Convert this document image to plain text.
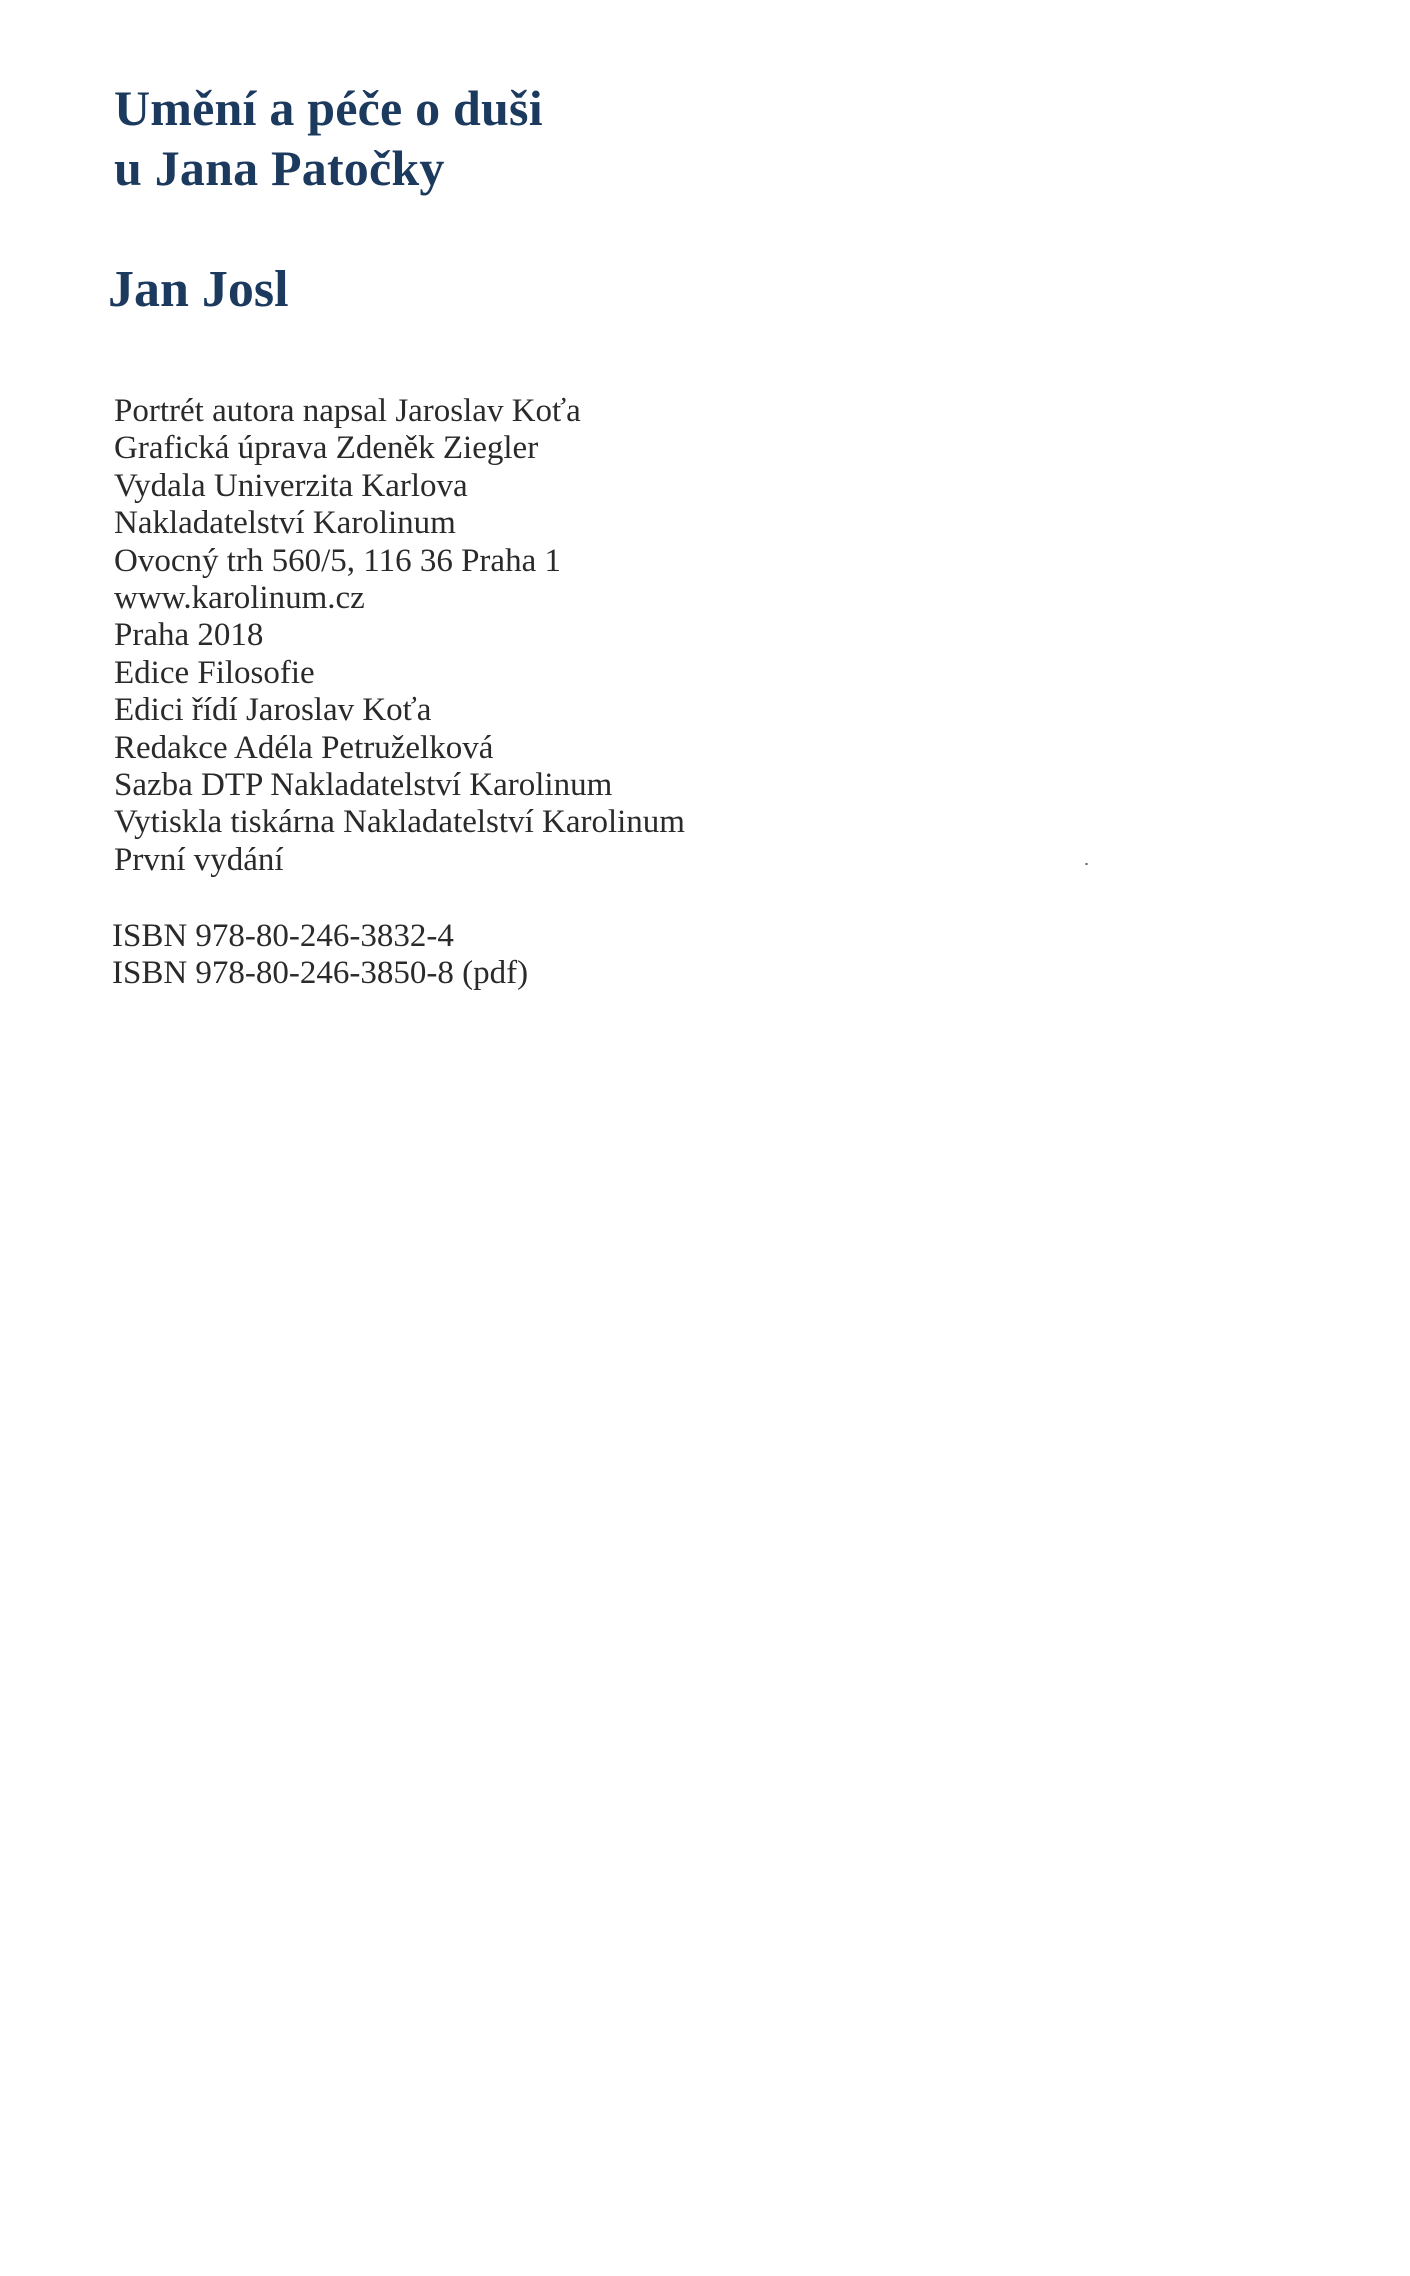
Umění a péče o duši
u Jana Patočky
Jan Josl
Portrét autora napsal Jaroslav Koťa
Grafická úprava Zdeněk Ziegler
Vydala Univerzita Karlova
Nakladatelství Karolinum
Ovocný trh 560/5, 116 36 Praha 1
www.karolinum.cz
Praha 2018
Edice Filosofie
Edici řídí Jaroslav Koťa
Redakce Adéla Petruželková
Sazba DTP Nakladatelství Karolinum
Vytiskla tiskárna Nakladatelství Karolinum
První vydání
ISBN 978-80-246-3832-4
ISBN 978-80-246-3850-8 (pdf)
